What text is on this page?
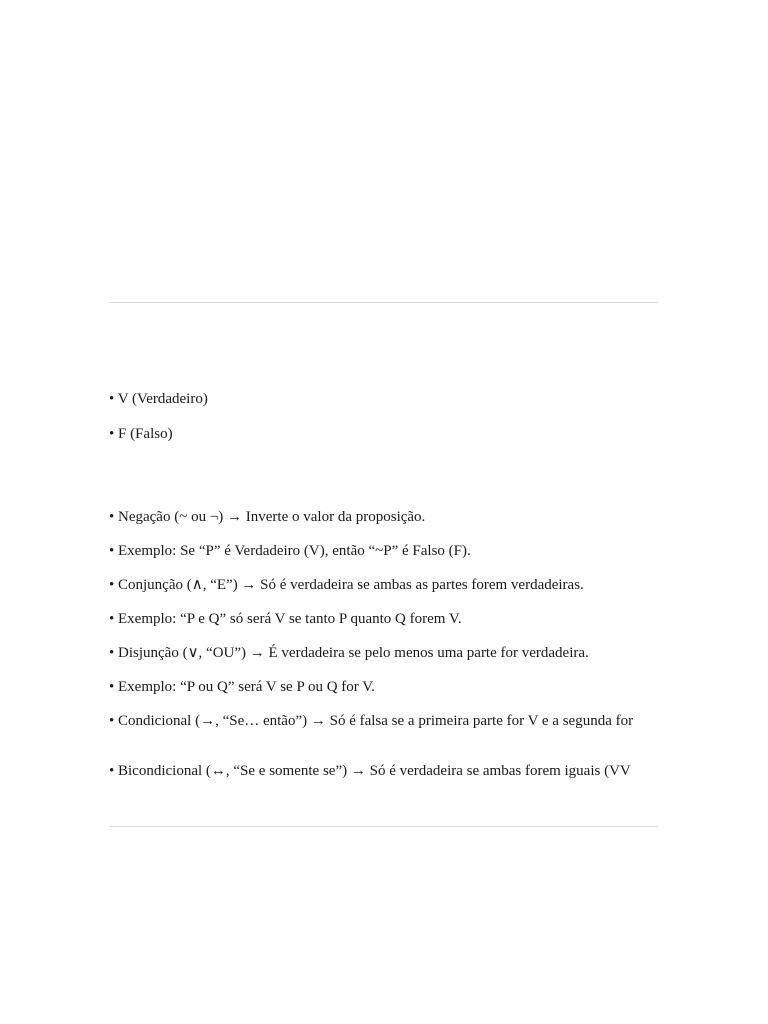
• V (Verdadeiro)
• F (Falso)
• Negação (~ ou ¬) → Inverte o valor da proposição.
• Exemplo: Se “P” é Verdadeiro (V), então “~P” é Falso (F).
• Conjunção (∧, “E”) → Só é verdadeira se ambas as partes forem verdadeiras.
• Exemplo: “P e Q” só será V se tanto P quanto Q forem V.
• Disjunção (∨, “OU”) → É verdadeira se pelo menos uma parte for verdadeira.
• Exemplo: “P ou Q” será V se P ou Q for V.
• Condicional (→, “Se… então”) → Só é falsa se a primeira parte for V e a segunda for
• Bicondicional (↔, “Se e somente se”) → Só é verdadeira se ambas forem iguais (VV
